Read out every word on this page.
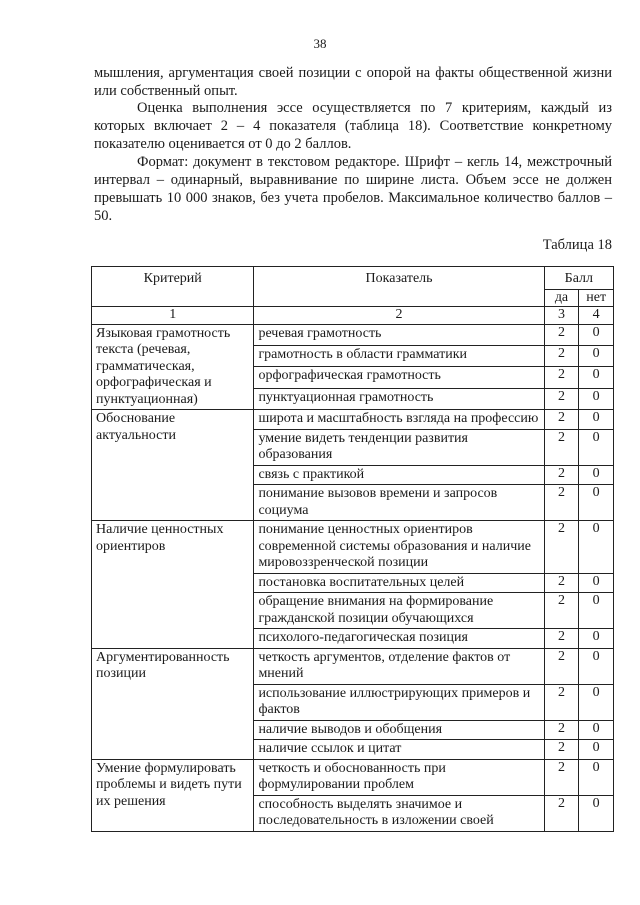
38

мышления, аргументация своей позиции с опорой на факты общественной жизни или собственный опыт.

Оценка выполнения эссе осуществляется по 7 критериям, каждый из которых включает 2 – 4 показателя (таблица 18). Соответствие конкретному показателю оценивается от 0 до 2 баллов.

Формат: документ в текстовом редакторе. Шрифт – кегль 14, межстрочный интервал – одинарный, выравнивание по ширине листа. Объем эссе не должен превышать 10 000 знаков, без учета пробелов. Максимальное количество баллов – 50.

Таблица 18
Критерий	Показатель	Балл	
		да	нет
1	2	3	4
Языковая грамотность текста (речевая, грамматическая, орфографическая и пунктуационная)	речевая грамотность	2	0
	грамотность в области грамматики	2	0
	орфографическая грамотность	2	0
	пунктуационная грамотность	2	0
Обоснование актуальности	широта и масштабность взгляда на профессию	2	0
	умение видеть тенденции развития образования	2	0
	связь с практикой	2	0
	понимание вызовов времени и запросов социума	2	0
Наличие ценностных ориентиров	понимание ценностных ориентиров современной системы образования и наличие мировоззренческой позиции	2	0
	постановка воспитательных целей	2	0
	обращение внимания на формирование гражданской позиции обучающихся	2	0
	психолого-педагогическая позиция	2	0
Аргументированность позиции	четкость аргументов, отделение фактов от мнений	2	0
	использование иллюстрирующих примеров и фактов	2	0
	наличие выводов и обобщения	2	0
	наличие ссылок и цитат	2	0
Умение формулировать проблемы и видеть пути их решения	четкость и обоснованность при формулировании проблем	2	0
	способность выделять значимое и последовательность в изложении своей	2	0
